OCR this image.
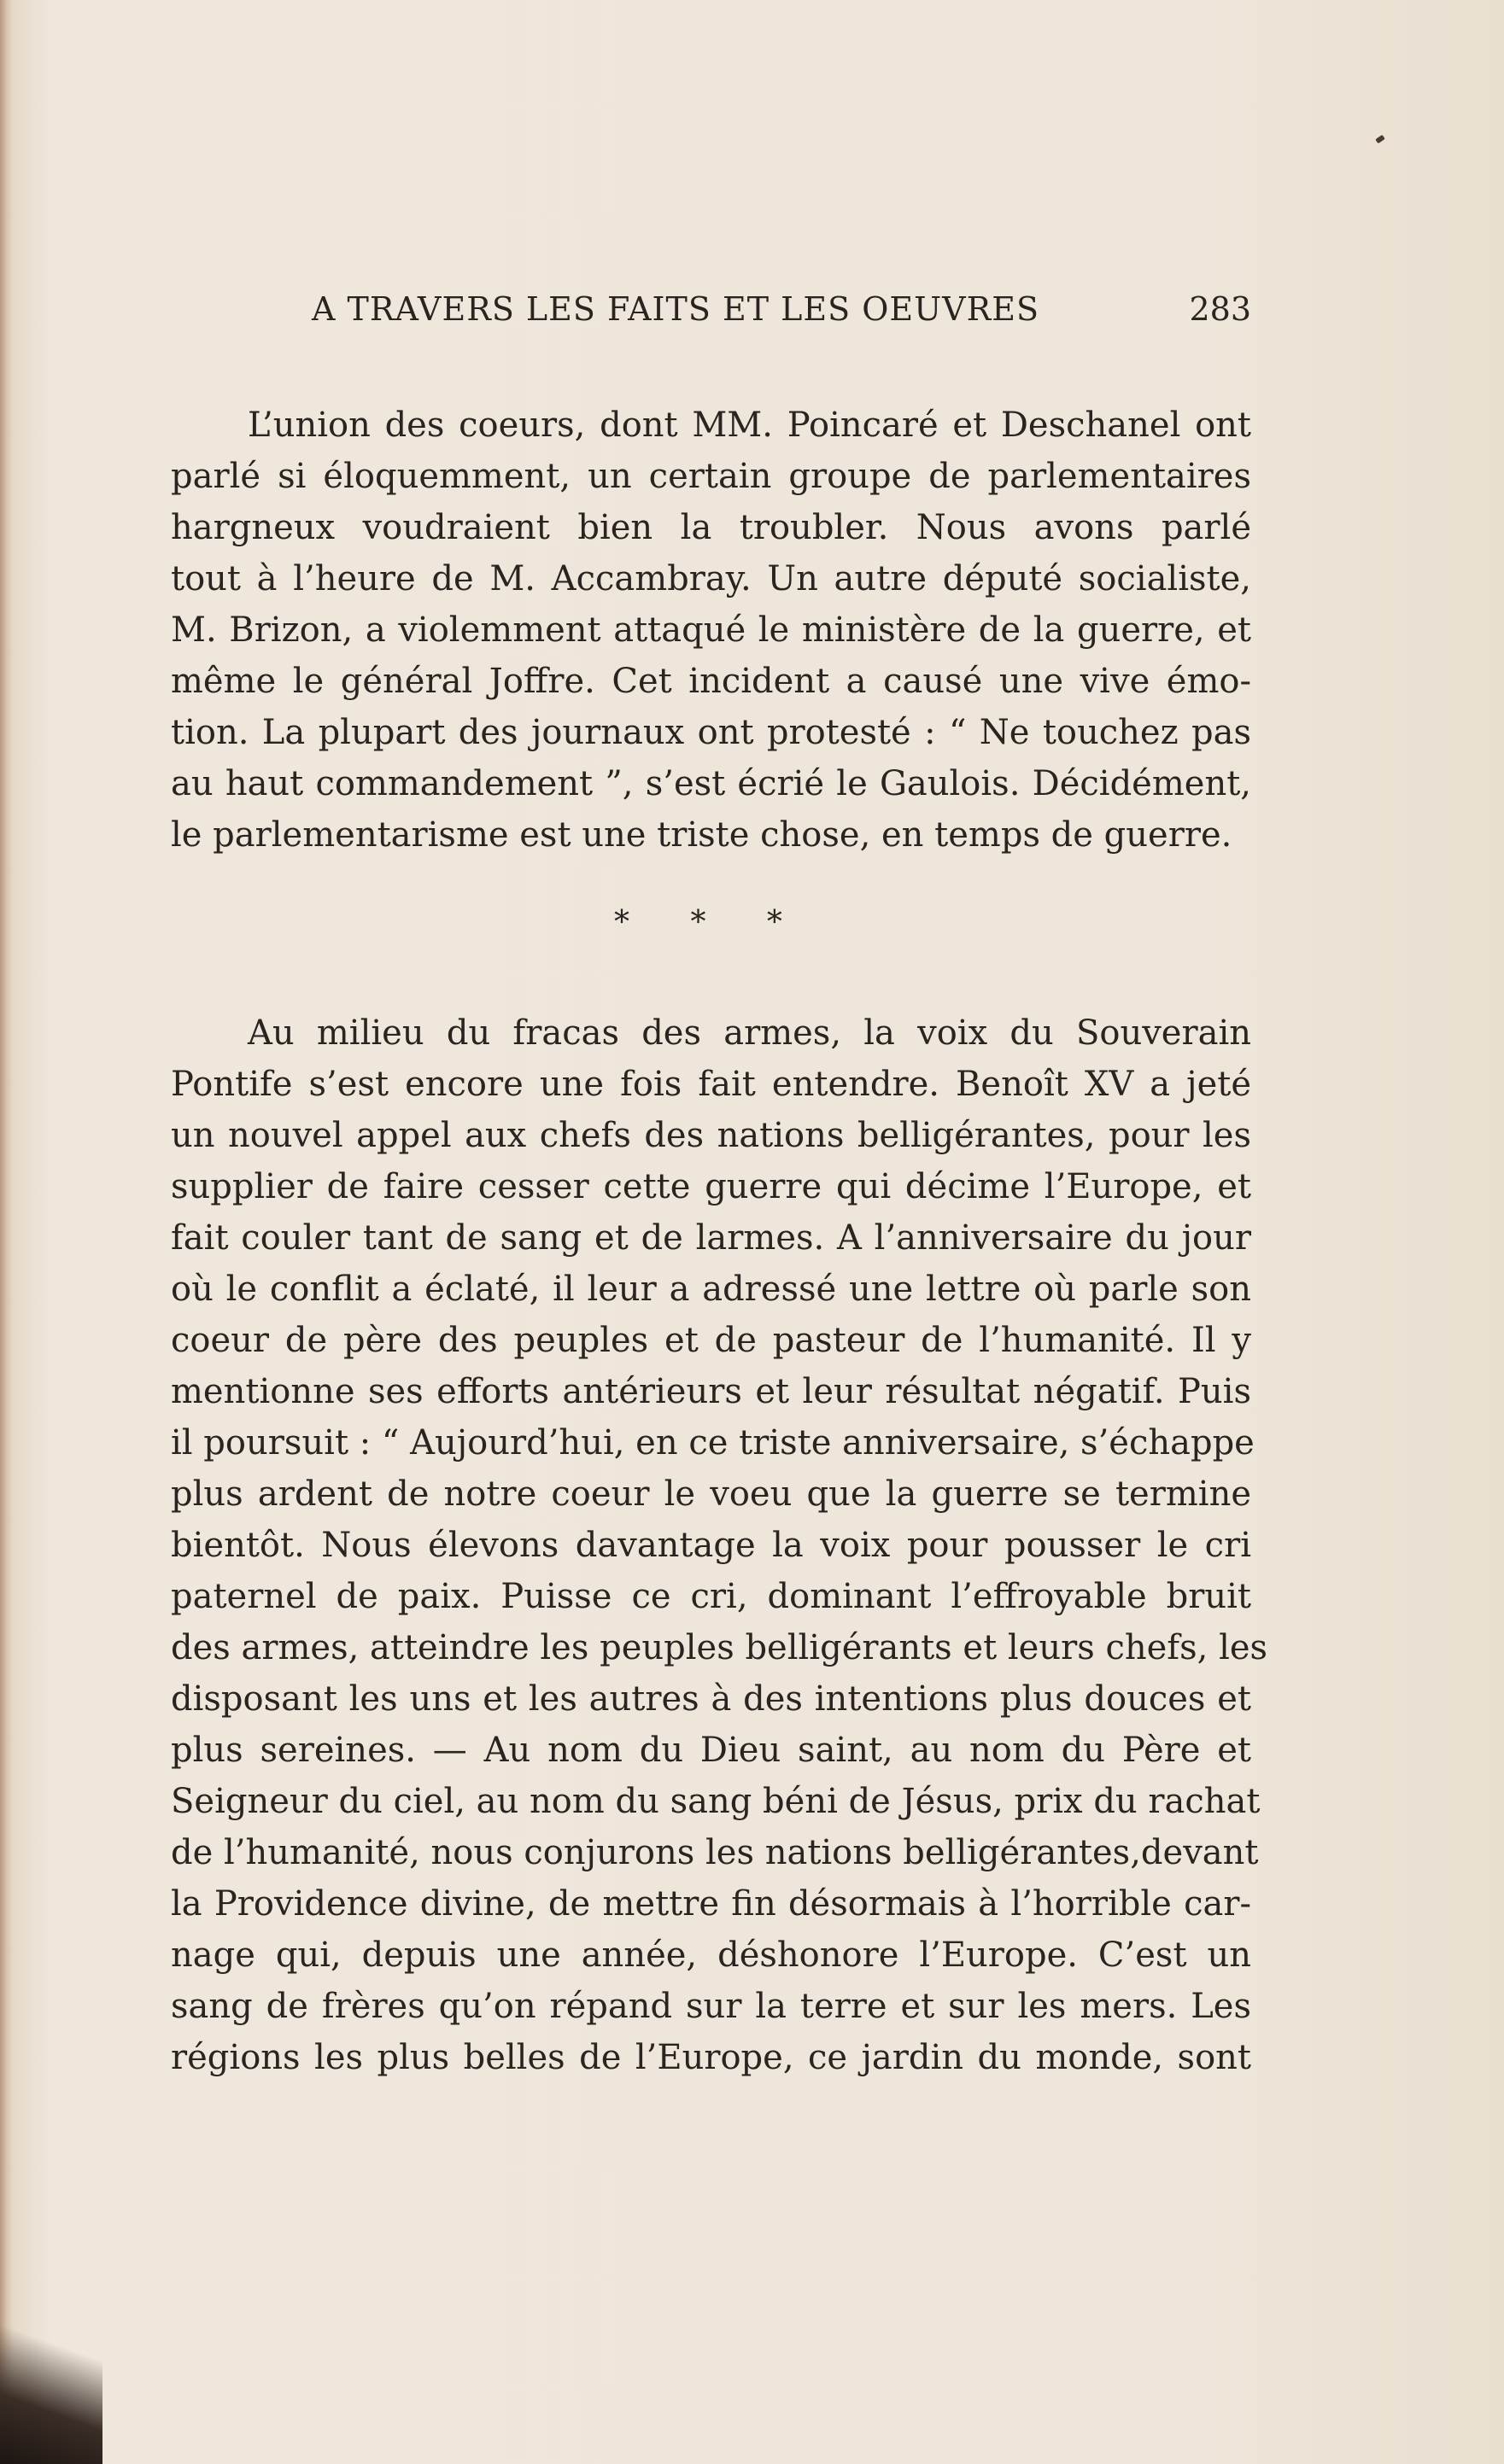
A TRAVERS LES FAITS ET LES OEUVRES	283
L’union des coeurs, dont MM. Poincaré et Deschanel ont
parlé si éloquemment, un certain groupe de parlementaires
hargneux voudraient bien la troubler. Nous avons parlé
tout à l’heure de M. Accambray. Un autre député socialiste,
M. Brizon, a violemment attaqué le ministère de la guerre, et
même le général Joffre. Cet incident a causé une vive émo-
tion. La plupart des journaux ont protesté : “ Ne touchez pas
au haut commandement ”, s’est écrié le Gaulois. Décidément,
le parlementarisme est une triste chose, en temps de guerre.
* * *
Au milieu du fracas des armes, la voix du Souverain
Pontife s’est encore une fois fait entendre. Benoît XV a jeté
un nouvel appel aux chefs des nations belligérantes, pour les
supplier de faire cesser cette guerre qui décime l’Europe, et
fait couler tant de sang et de larmes. A l’anniversaire du jour
où le conflit a éclaté, il leur a adressé une lettre où parle son
coeur de père des peuples et de pasteur de l’humanité. Il y
mentionne ses efforts antérieurs et leur résultat négatif. Puis
il poursuit : “ Aujourd’hui, en ce triste anniversaire, s’échappe
plus ardent de notre coeur le voeu que la guerre se termine
bientôt. Nous élevons davantage la voix pour pousser le cri
paternel de paix. Puisse ce cri, dominant l’effroyable bruit
des armes, atteindre les peuples belligérants et leurs chefs, les
disposant les uns et les autres à des intentions plus douces et
plus sereines. — Au nom du Dieu saint, au nom du Père et
Seigneur du ciel, au nom du sang béni de Jésus, prix du rachat
de l’humanité, nous conjurons les nations belligérantes,devant
la Providence divine, de mettre fin désormais à l’horrible car-
nage qui, depuis une année, déshonore l’Europe. C’est un
sang de frères qu’on répand sur la terre et sur les mers. Les
régions les plus belles de l’Europe, ce jardin du monde, sont
